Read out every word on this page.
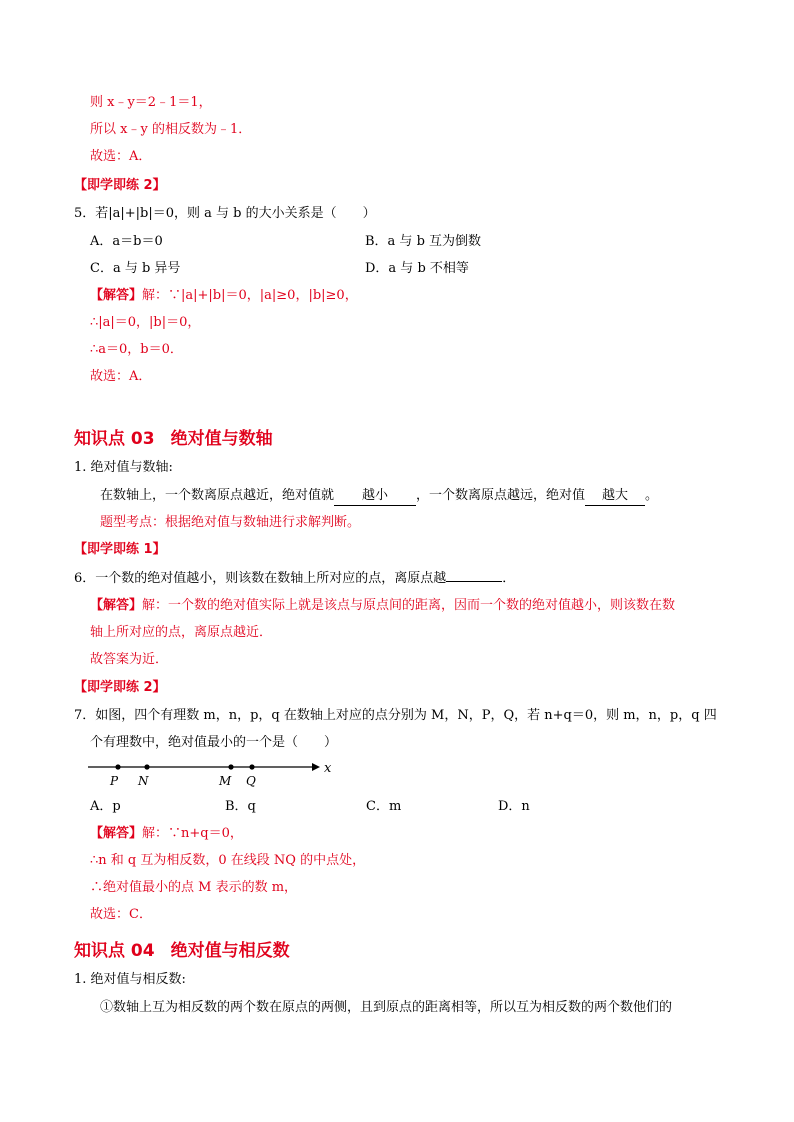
则 x﹣y＝2﹣1＝1，
所以 x﹣y 的相反数为﹣1．
故选：A．
【即学即练 2】
5．若|a|+|b|＝0，则 a 与 b 的大小关系是（　　）
A．a＝b＝0	B．a 与 b 互为倒数
C．a 与 b 异号	D．a 与 b 不相等
【解答】解：∵|a|+|b|＝0，|a|≥0，|b|≥0，
∴|a|＝0，|b|＝0，
∴a＝0，b＝0．
故选：A．
知识点 03 绝对值与数轴
1. 绝对值与数轴:
在数轴上，一个数离原点越近，绝对值就 越小 ，一个数离原点越远，绝对值 越大 。
题型考点：根据绝对值与数轴进行求解判断。
【即学即练 1】
6．一个数的绝对值越小，则该数在数轴上所对应的点，离原点越	．
【解答】解：一个数的绝对值实际上就是该点与原点间的距离，因而一个数的绝对值越小，则该数在数
轴上所对应的点，离原点越近．
故答案为近．
【即学即练 2】
7．如图，四个有理数 m，n，p，q 在数轴上对应的点分别为 M，N，P，Q，若 n+q＝0，则 m，n，p，q 四
个有理数中，绝对值最小的一个是（　　）
x
P N	M Q
A．p	B．q	C．m	D．n
【解答】解：∵n+q＝0，
∴n 和 q 互为相反数，0 在线段 NQ 的中点处，
∴绝对值最小的点 M 表示的数 m，
故选：C．
知识点 04 绝对值与相反数
1. 绝对值与相反数:
①数轴上互为相反数的两个数在原点的两侧，且到原点的距离相等，所以互为相反数的两个数他们的
